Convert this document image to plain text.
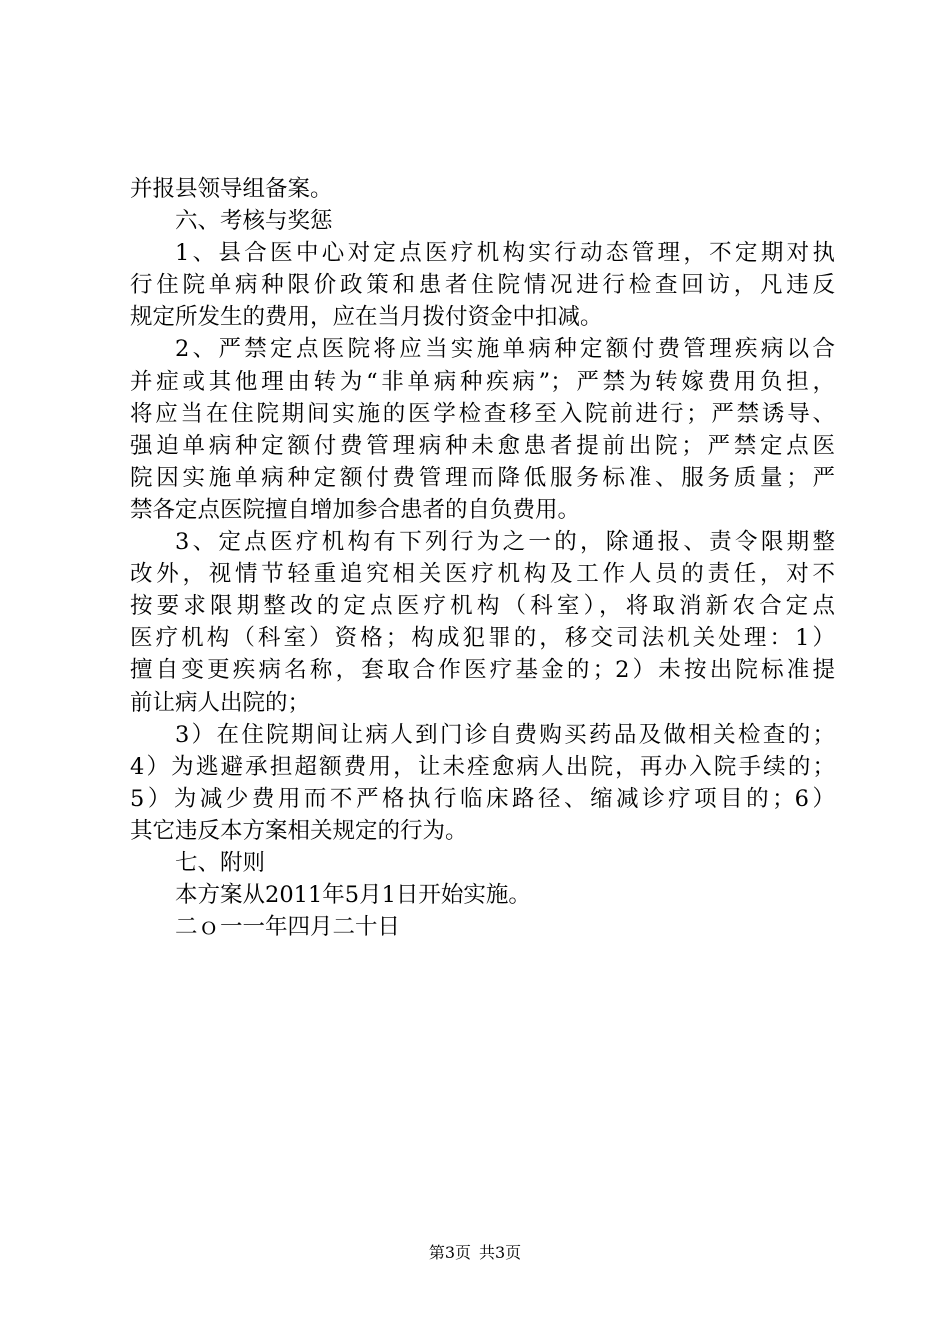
并报县领导组备案。
六、考核与奖惩
1、县合医中心对定点医疗机构实行动态管理，不定期对执
行住院单病种限价政策和患者住院情况进行检查回访，凡违反
规定所发生的费用，应在当月拨付资金中扣减。
2、严禁定点医院将应当实施单病种定额付费管理疾病以合
并症或其他理由转为“非单病种疾病”；严禁为转嫁费用负担，
将应当在住院期间实施的医学检查移至入院前进行；严禁诱导、
强迫单病种定额付费管理病种未愈患者提前出院；严禁定点医
院因实施单病种定额付费管理而降低服务标准、服务质量；严
禁各定点医院擅自增加参合患者的自负费用。
3、定点医疗机构有下列行为之一的，除通报、责令限期整
改外，视情节轻重追究相关医疗机构及工作人员的责任，对不
按要求限期整改的定点医疗机构（科室），将取消新农合定点
医疗机构（科室）资格；构成犯罪的，移交司法机关处理：1）
擅自变更疾病名称，套取合作医疗基金的；2）未按出院标准提
前让病人出院的；
3）在住院期间让病人到门诊自费购买药品及做相关检查的；
4）为逃避承担超额费用，让未痊愈病人出院，再办入院手续的；
5）为减少费用而不严格执行临床路径、缩减诊疗项目的；6）
其它违反本方案相关规定的行为。
七、附则
本方案从2011年5月1日开始实施。
二ｏ一一年四月二十日
第3页 共3页
